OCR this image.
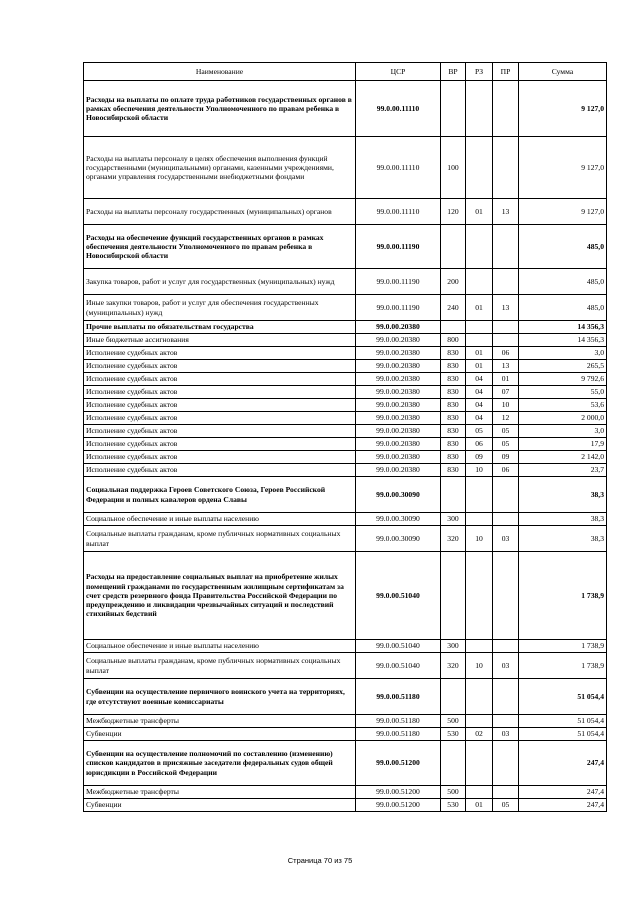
Наименование	ЦСР	ВР	РЗ	ПР	Сумма
Расходы на выплаты по оплате труда работников государственных органов в рамках обеспечения деятельности Уполномоченного по правам ребенка в Новосибирской области	99.0.00.11110				9 127,0
Расходы на выплаты персоналу в целях обеспечения выполнения функций государственными (муниципальными) органами, казенными учреждениями, органами управления государственными внебюджетными фондами	99.0.00.11110	100			9 127,0
Расходы на выплаты персоналу государственных (муниципальных) органов	99.0.00.11110	120	01	13	9 127,0
Расходы на обеспечение функций государственных органов в рамках обеспечения деятельности Уполномоченного по правам ребенка в Новосибирской области	99.0.00.11190				485,0
Закупка товаров, работ и услуг для государственных (муниципальных) нужд	99.0.00.11190	200			485,0
Иные закупки товаров, работ и услуг для обеспечения государственных (муниципальных) нужд	99.0.00.11190	240	01	13	485,0
Прочие выплаты по обязательствам государства	99.0.00.20380				14 356,3
Иные бюджетные ассигнования	99.0.00.20380	800			14 356,3
Исполнение судебных актов	99.0.00.20380	830	01	06	3,0
Исполнение судебных актов	99.0.00.20380	830	01	13	265,5
Исполнение судебных актов	99.0.00.20380	830	04	01	9 792,6
Исполнение судебных актов	99.0.00.20380	830	04	07	55,0
Исполнение судебных актов	99.0.00.20380	830	04	10	53,6
Исполнение судебных актов	99.0.00.20380	830	04	12	2 000,0
Исполнение судебных актов	99.0.00.20380	830	05	05	3,0
Исполнение судебных актов	99.0.00.20380	830	06	05	17,9
Исполнение судебных актов	99.0.00.20380	830	09	09	2 142,0
Исполнение судебных актов	99.0.00.20380	830	10	06	23,7
Социальная поддержка Героев Советского Союза, Героев Российской Федерации и полных кавалеров ордена Славы	99.0.00.30090				38,3
Социальное обеспечение и иные выплаты населению	99.0.00.30090	300			38,3
Социальные выплаты гражданам, кроме публичных нормативных социальных выплат	99.0.00.30090	320	10	03	38,3
Расходы на предоставление социальных выплат на приобретение жилых помещений гражданами по государственным жилищным сертификатам за счет средств резервного фонда Правительства Российской Федерации по предупреждению и ликвидации чрезвычайных ситуаций и последствий стихийных бедствий	99.0.00.51040				1 738,9
Социальное обеспечение и иные выплаты населению	99.0.00.51040	300			1 738,9
Социальные выплаты гражданам, кроме публичных нормативных социальных выплат	99.0.00.51040	320	10	03	1 738,9
Субвенции на осуществление первичного воинского учета на территориях, где отсутствуют военные комиссариаты	99.0.00.51180				51 054,4
Межбюджетные трансферты	99.0.00.51180	500			51 054,4
Субвенции	99.0.00.51180	530	02	03	51 054,4
Субвенции на осуществление полномочий по составлению (изменению) списков кандидатов в присяжные заседатели федеральных судов общей юрисдикции в Российской Федерации	99.0.00.51200				247,4
Межбюджетные трансферты	99.0.00.51200	500			247,4
Субвенции	99.0.00.51200	530	01	05	247,4
Страница 70 из 75
